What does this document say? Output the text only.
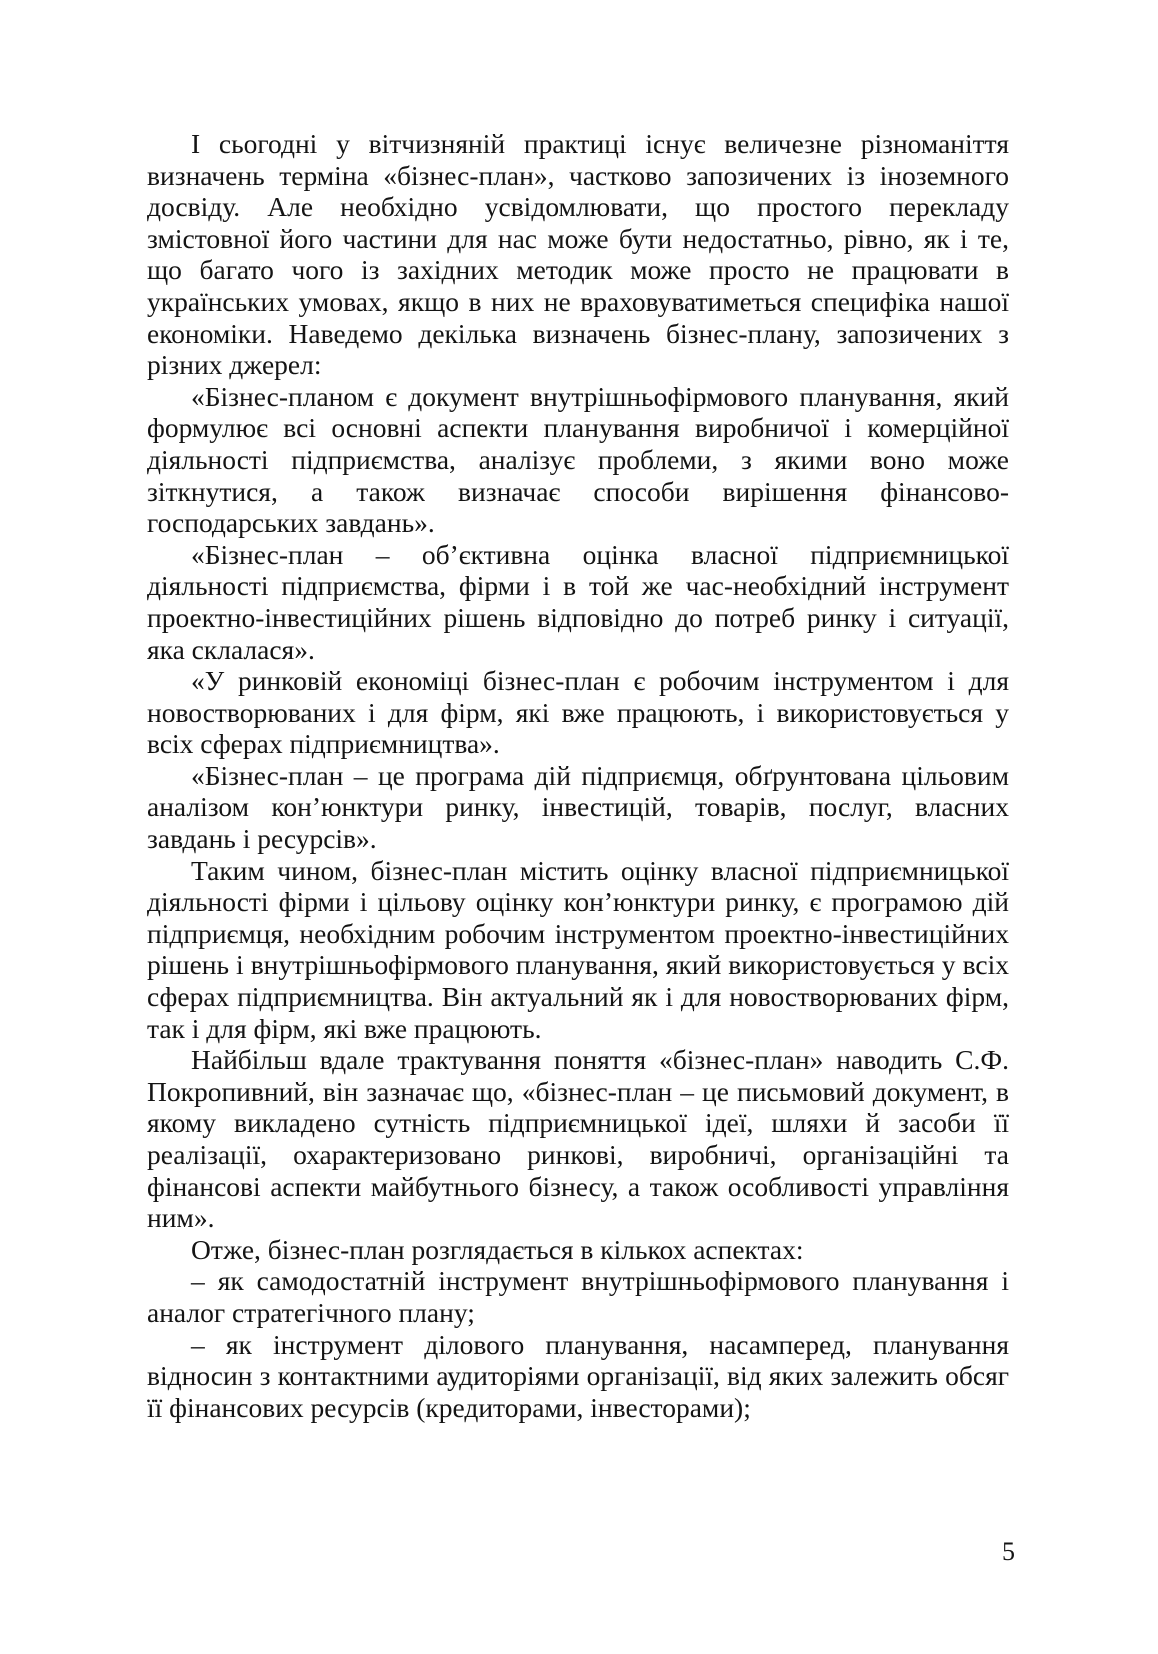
І сьогодні у вітчизняній практиці існує величезне різноманіття визначень терміна «бізнес-план», частково запозичених із іноземного досвіду. Але необхідно усвідомлювати, що простого перекладу змістовної його частини для нас може бути недостатньо, рівно, як і те, що багато чого із західних методик може просто не працювати в українських умовах, якщо в них не враховуватиметься специфіка нашої економіки. Наведемо декілька визначень бізнес-плану, запозичених з різних джерел:

«Бізнес-планом є документ внутрішньофірмового планування, який формулює всі основні аспекти планування виробничої і комерційної діяльності підприємства, аналізує проблеми, з якими воно може зіткнутися, а також визначає способи вирішення фінансово-господарських завдань».

«Бізнес-план – об’єктивна оцінка власної підприємницької діяльності підприємства, фірми і в той же час-необхідний інструмент проектно-інвестиційних рішень відповідно до потреб ринку і ситуації, яка склалася».

«У ринковій економіці бізнес-план є робочим інструментом і для новостворюваних і для фірм, які вже працюють, і використовується у всіх сферах підприємництва».

«Бізнес-план – це програма дій підприємця, обґрунтована цільовим аналізом кон’юнктури ринку, інвестицій, товарів, послуг, власних завдань і ресурсів».

Таким чином, бізнес-план містить оцінку власної підприємницької діяльності фірми і цільову оцінку кон’юнктури ринку, є програмою дій підприємця, необхідним робочим інструментом проектно-інвестиційних рішень і внутрішньофірмового планування, який використовується у всіх сферах підприємництва. Він актуальний як і для новостворюваних фірм, так і для фірм, які вже працюють.

Найбільш вдале трактування поняття «бізнес-план» наводить С.Ф. Покропивний, він зазначає що, «бізнес-план – це письмовий документ, в якому викладено сутність підприємницької ідеї, шляхи й засоби її реалізації, охарактеризовано ринкові, виробничі, організаційні та фінансові аспекти майбутнього бізнесу, а також особливості управління ним».

Отже, бізнес-план розглядається в кількох аспектах:

– як самодостатній інструмент внутрішньофірмового планування і аналог стратегічного плану;

– як інструмент ділового планування, насамперед, планування відносин з контактними аудиторіями організації, від яких залежить обсяг її фінансових ресурсів (кредиторами, інвесторами);

5
